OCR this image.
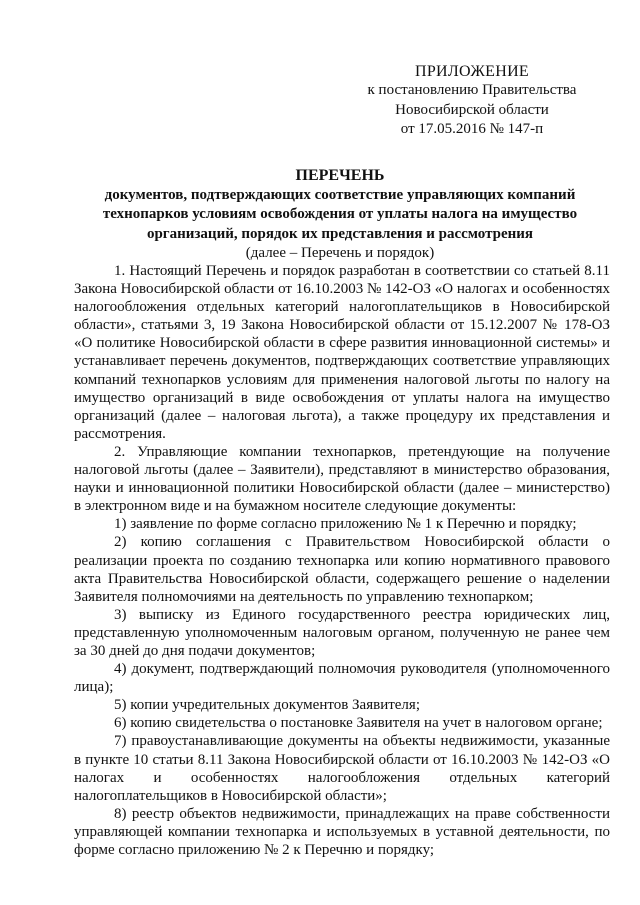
ПРИЛОЖЕНИЕ
к постановлению Правительства
Новосибирской области
от 17.05.2016 № 147-п
ПЕРЕЧЕНЬ
документов, подтверждающих соответствие управляющих компаний технопарков условиям освобождения от уплаты налога на имущество организаций, порядок их представления и рассмотрения
(далее – Перечень и порядок)

1. Настоящий Перечень и порядок разработан в соответствии со статьей 8.11 Закона Новосибирской области от 16.10.2003 № 142-ОЗ «О налогах и особенностях налогообложения отдельных категорий налогоплательщиков в Новосибирской области», статьями 3, 19 Закона Новосибирской области от 15.12.2007 № 178-ОЗ «О политике Новосибирской области в сфере развития инновационной системы» и устанавливает перечень документов, подтверждающих соответствие управляющих компаний технопарков условиям для применения налоговой льготы по налогу на имущество организаций в виде освобождения от уплаты налога на имущество организаций (далее – налоговая льгота), а также процедуру их представления и рассмотрения.

2. Управляющие компании технопарков, претендующие на получение налоговой льготы (далее – Заявители), представляют в министерство образования, науки и инновационной политики Новосибирской области (далее – министерство) в электронном виде и на бумажном носителе следующие документы:

1) заявление по форме согласно приложению № 1 к Перечню и порядку;

2) копию соглашения с Правительством Новосибирской области о реализации проекта по созданию технопарка или копию нормативного правового акта Правительства Новосибирской области, содержащего решение о наделении Заявителя полномочиями на деятельность по управлению технопарком;

3) выписку из Единого государственного реестра юридических лиц, представленную уполномоченным налоговым органом, полученную не ранее чем за 30 дней до дня подачи документов;

4) документ, подтверждающий полномочия руководителя (уполномоченного лица);

5) копии учредительных документов Заявителя;

6) копию свидетельства о постановке Заявителя на учет в налоговом органе;

7) правоустанавливающие документы на объекты недвижимости, указанные в пункте 10 статьи 8.11 Закона Новосибирской области от 16.10.2003 № 142-ОЗ «О налогах и особенностях налогообложения отдельных категорий налогоплательщиков в Новосибирской области»;

8) реестр объектов недвижимости, принадлежащих на праве собственности управляющей компании технопарка и используемых в уставной деятельности, по форме согласно приложению № 2 к Перечню и порядку;
